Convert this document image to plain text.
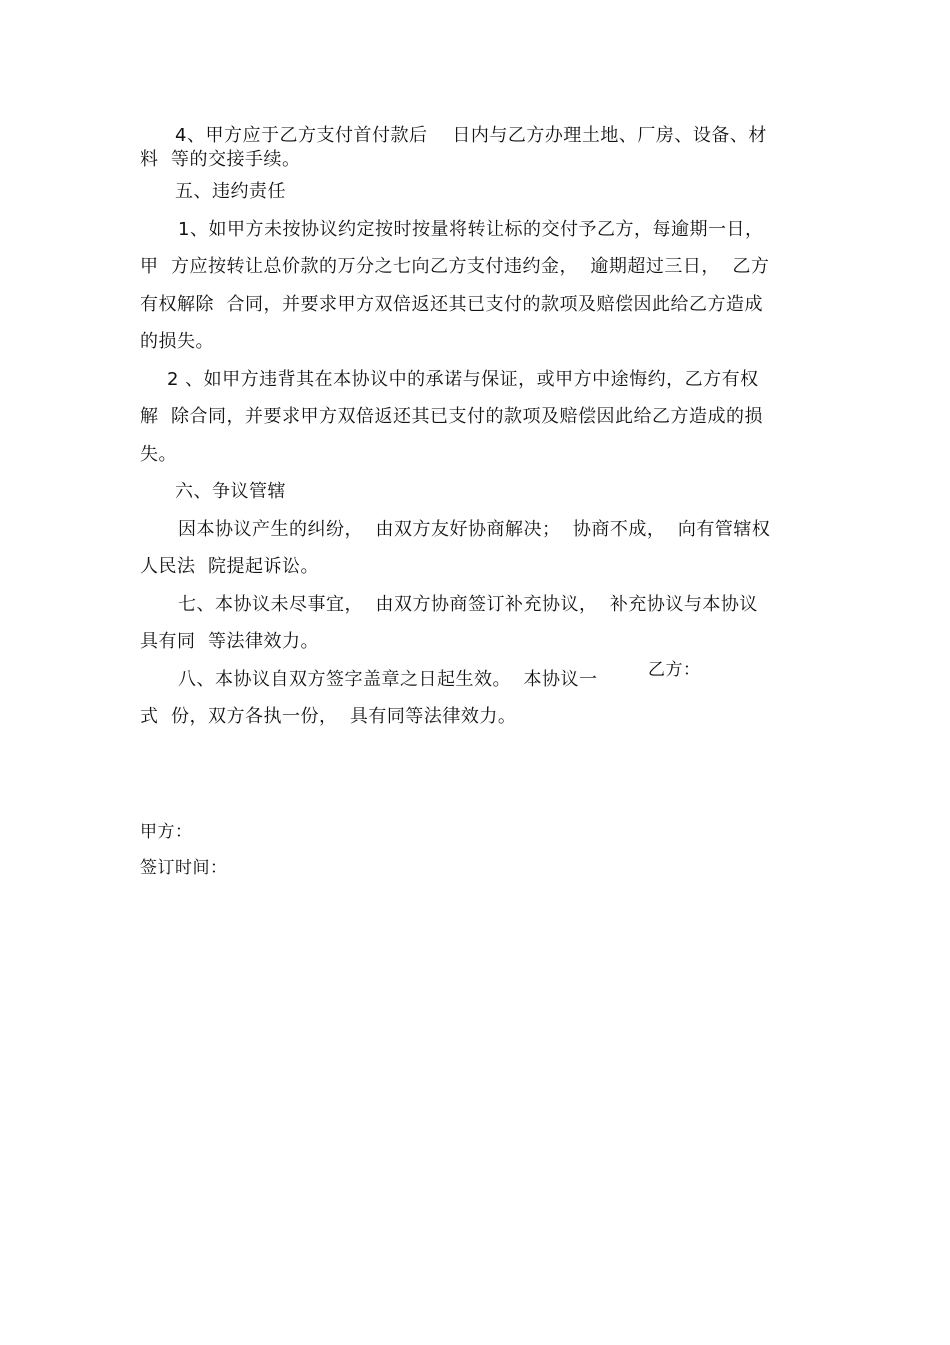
4、甲方应于乙方支付首付款后    日内与乙方办理土地、厂房、设备、材
料  等的交接手续。
五、违约责任
1、如甲方未按协议约定按时按量将转让标的交付予乙方，每逾期一日，
甲  方应按转让总价款的万分之七向乙方支付违约金，  逾期超过三日，  乙方
有权解除  合同，并要求甲方双倍返还其已支付的款项及赔偿因此给乙方造成
的损失。
2 、如甲方违背其在本协议中的承诺与保证，或甲方中途悔约，乙方有权
解  除合同，并要求甲方双倍返还其已支付的款项及赔偿因此给乙方造成的损
失。
六、争议管辖
因本协议产生的纠纷，  由双方友好协商解决；  协商不成，  向有管辖权
人民法  院提起诉讼。
七、本协议未尽事宜，  由双方协商签订补充协议，  补充协议与本协议
具有同  等法律效力。
八、本协议自双方签字盖章之日起生效。  本协议一	乙方：
式  份，双方各执一份，  具有同等法律效力。
甲方：
签订时间：
